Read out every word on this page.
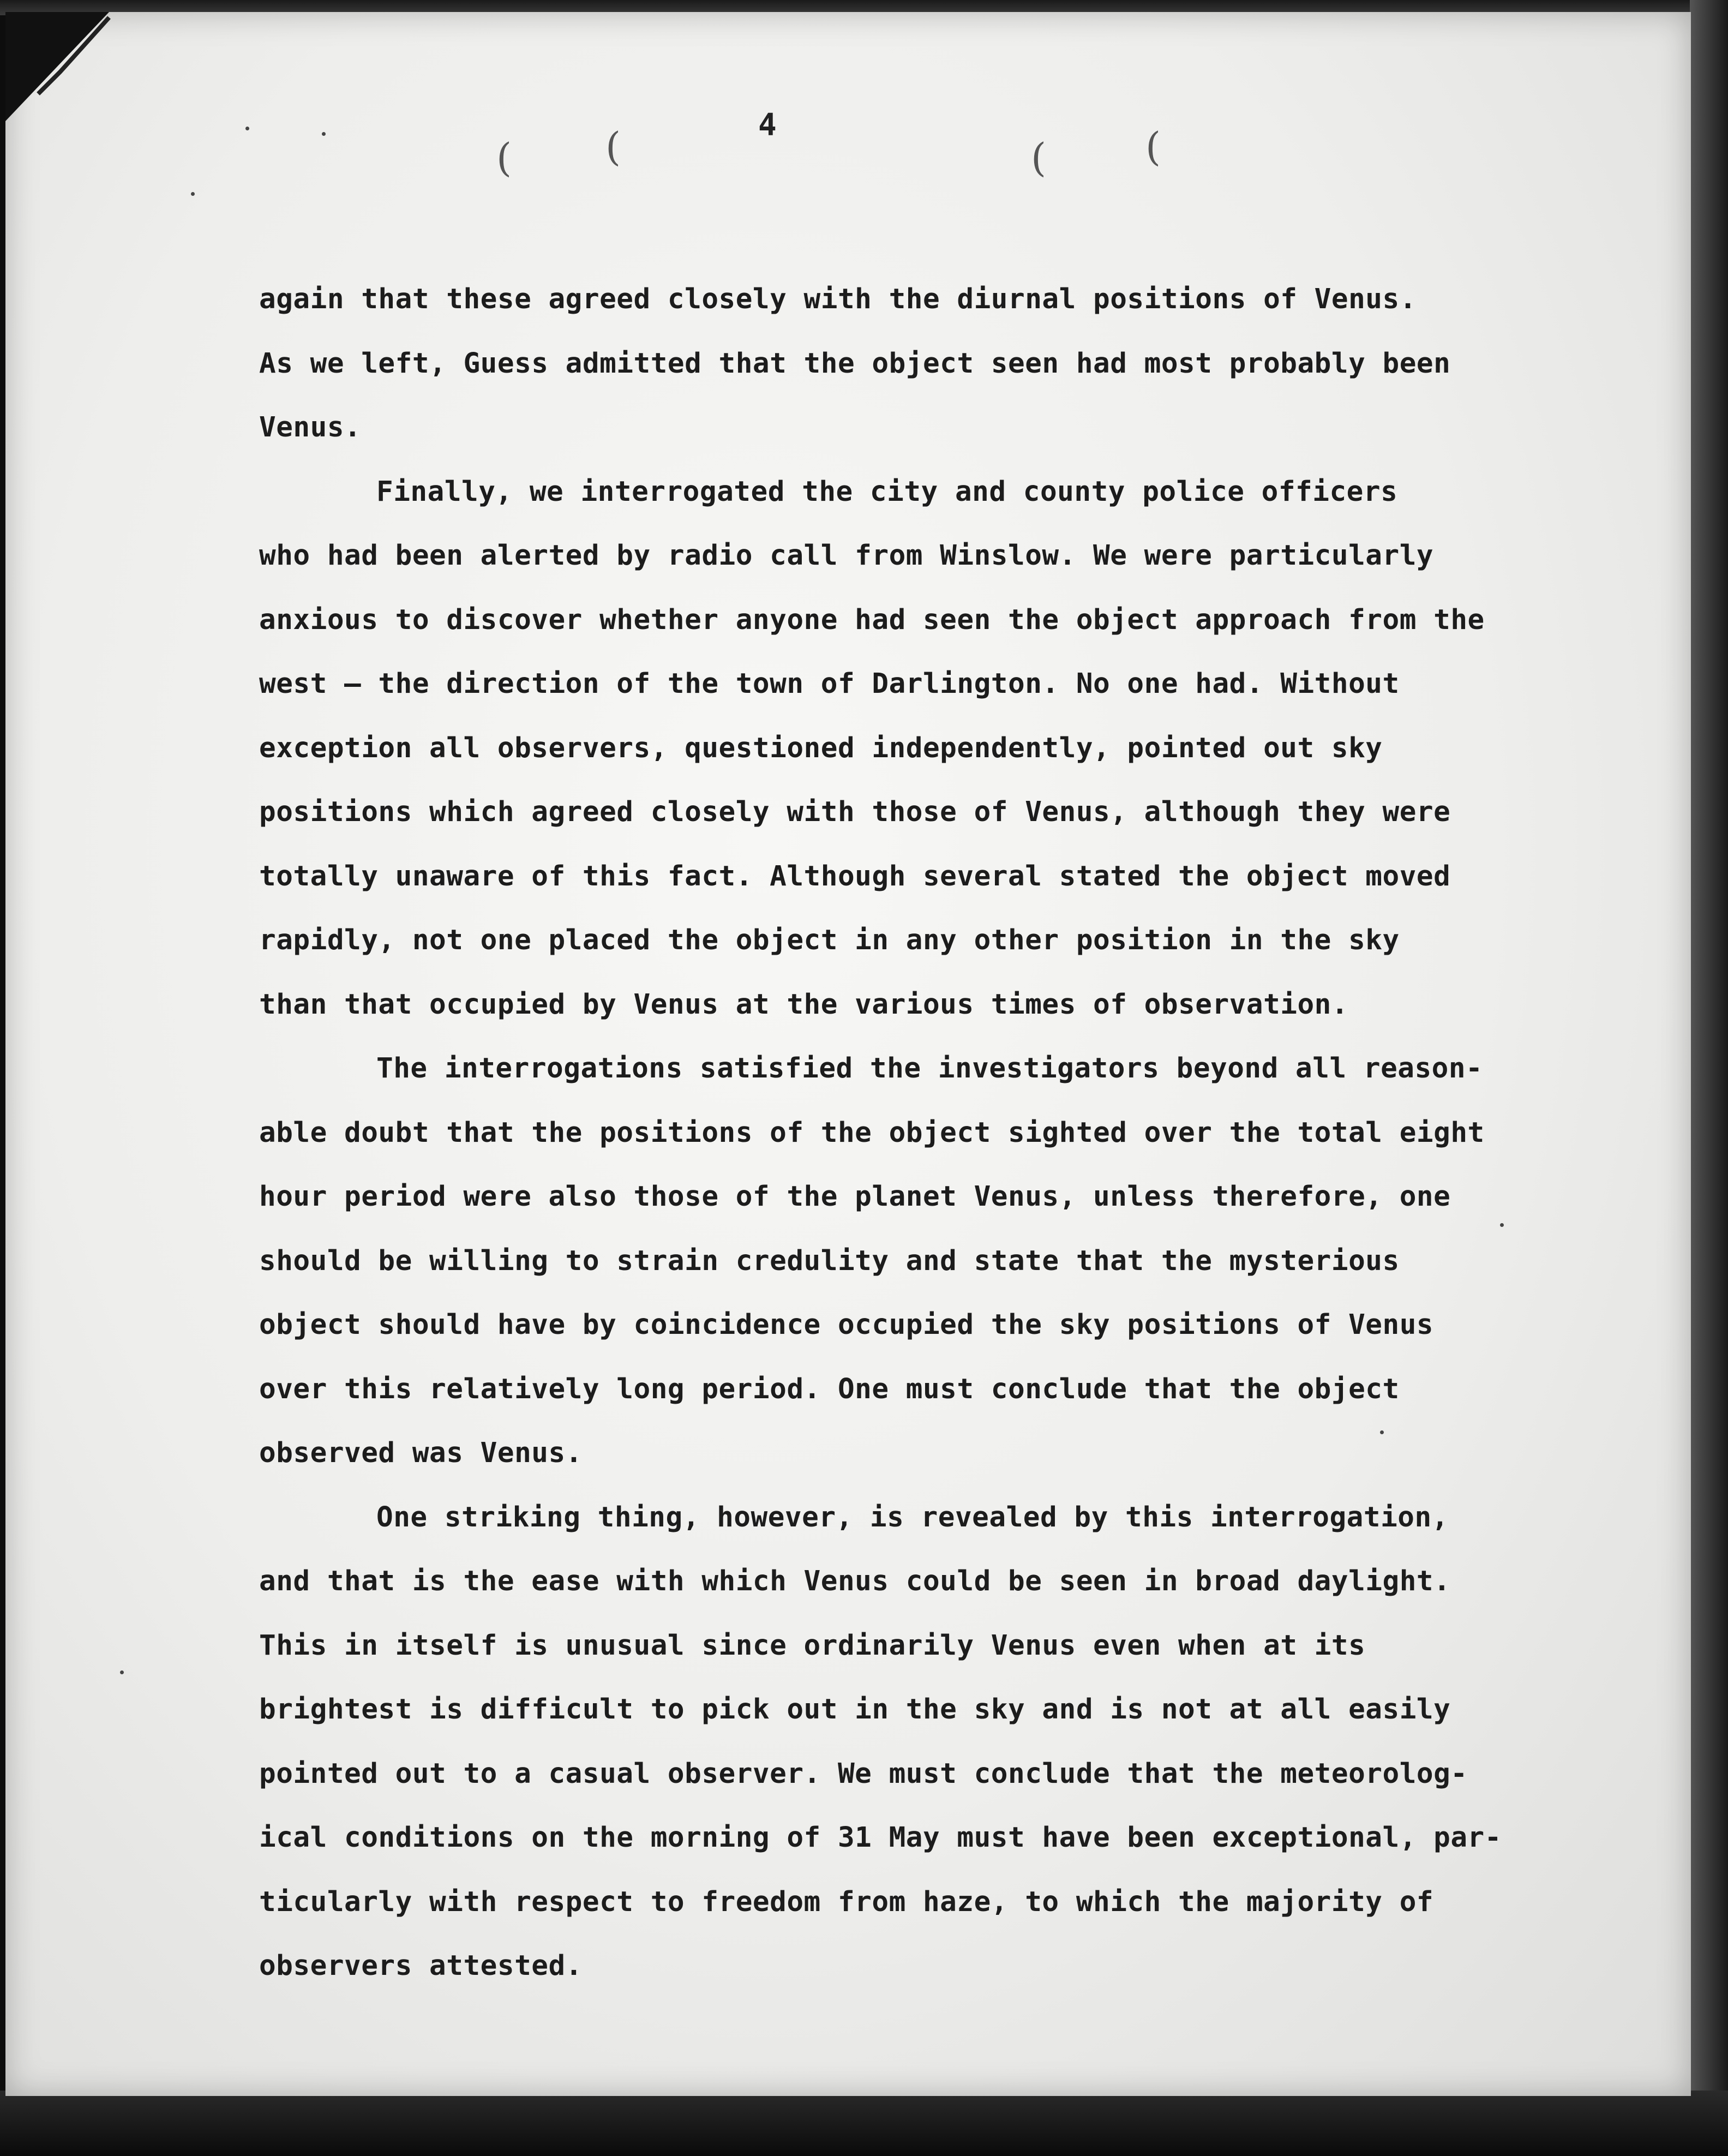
4
( (	(	(
again that these agreed closely with the diurnal positions of Venus.
As we left, Guess admitted that the object seen had most probably been
Venus.
Finally, we interrogated the city and county police officers
who had been alerted by radio call from Winslow. We were particularly
anxious to discover whether anyone had seen the object approach from the
west — the direction of the town of Darlington. No one had. Without
exception all observers, questioned independently, pointed out sky
positions which agreed closely with those of Venus, although they were
totally unaware of this fact. Although several stated the object moved
rapidly, not one placed the object in any other position in the sky
than that occupied by Venus at the various times of observation.
The interrogations satisfied the investigators beyond all reason-
able doubt that the positions of the object sighted over the total eight
hour period were also those of the planet Venus, unless therefore, one
should be willing to strain credulity and state that the mysterious
object should have by coincidence occupied the sky positions of Venus
over this relatively long period. One must conclude that the object
observed was Venus.
One striking thing, however, is revealed by this interrogation,
and that is the ease with which Venus could be seen in broad daylight.
This in itself is unusual since ordinarily Venus even when at its
brightest is difficult to pick out in the sky and is not at all easily
pointed out to a casual observer. We must conclude that the meteorolog-
ical conditions on the morning of 31 May must have been exceptional, par-
ticularly with respect to freedom from haze, to which the majority of
observers attested.
